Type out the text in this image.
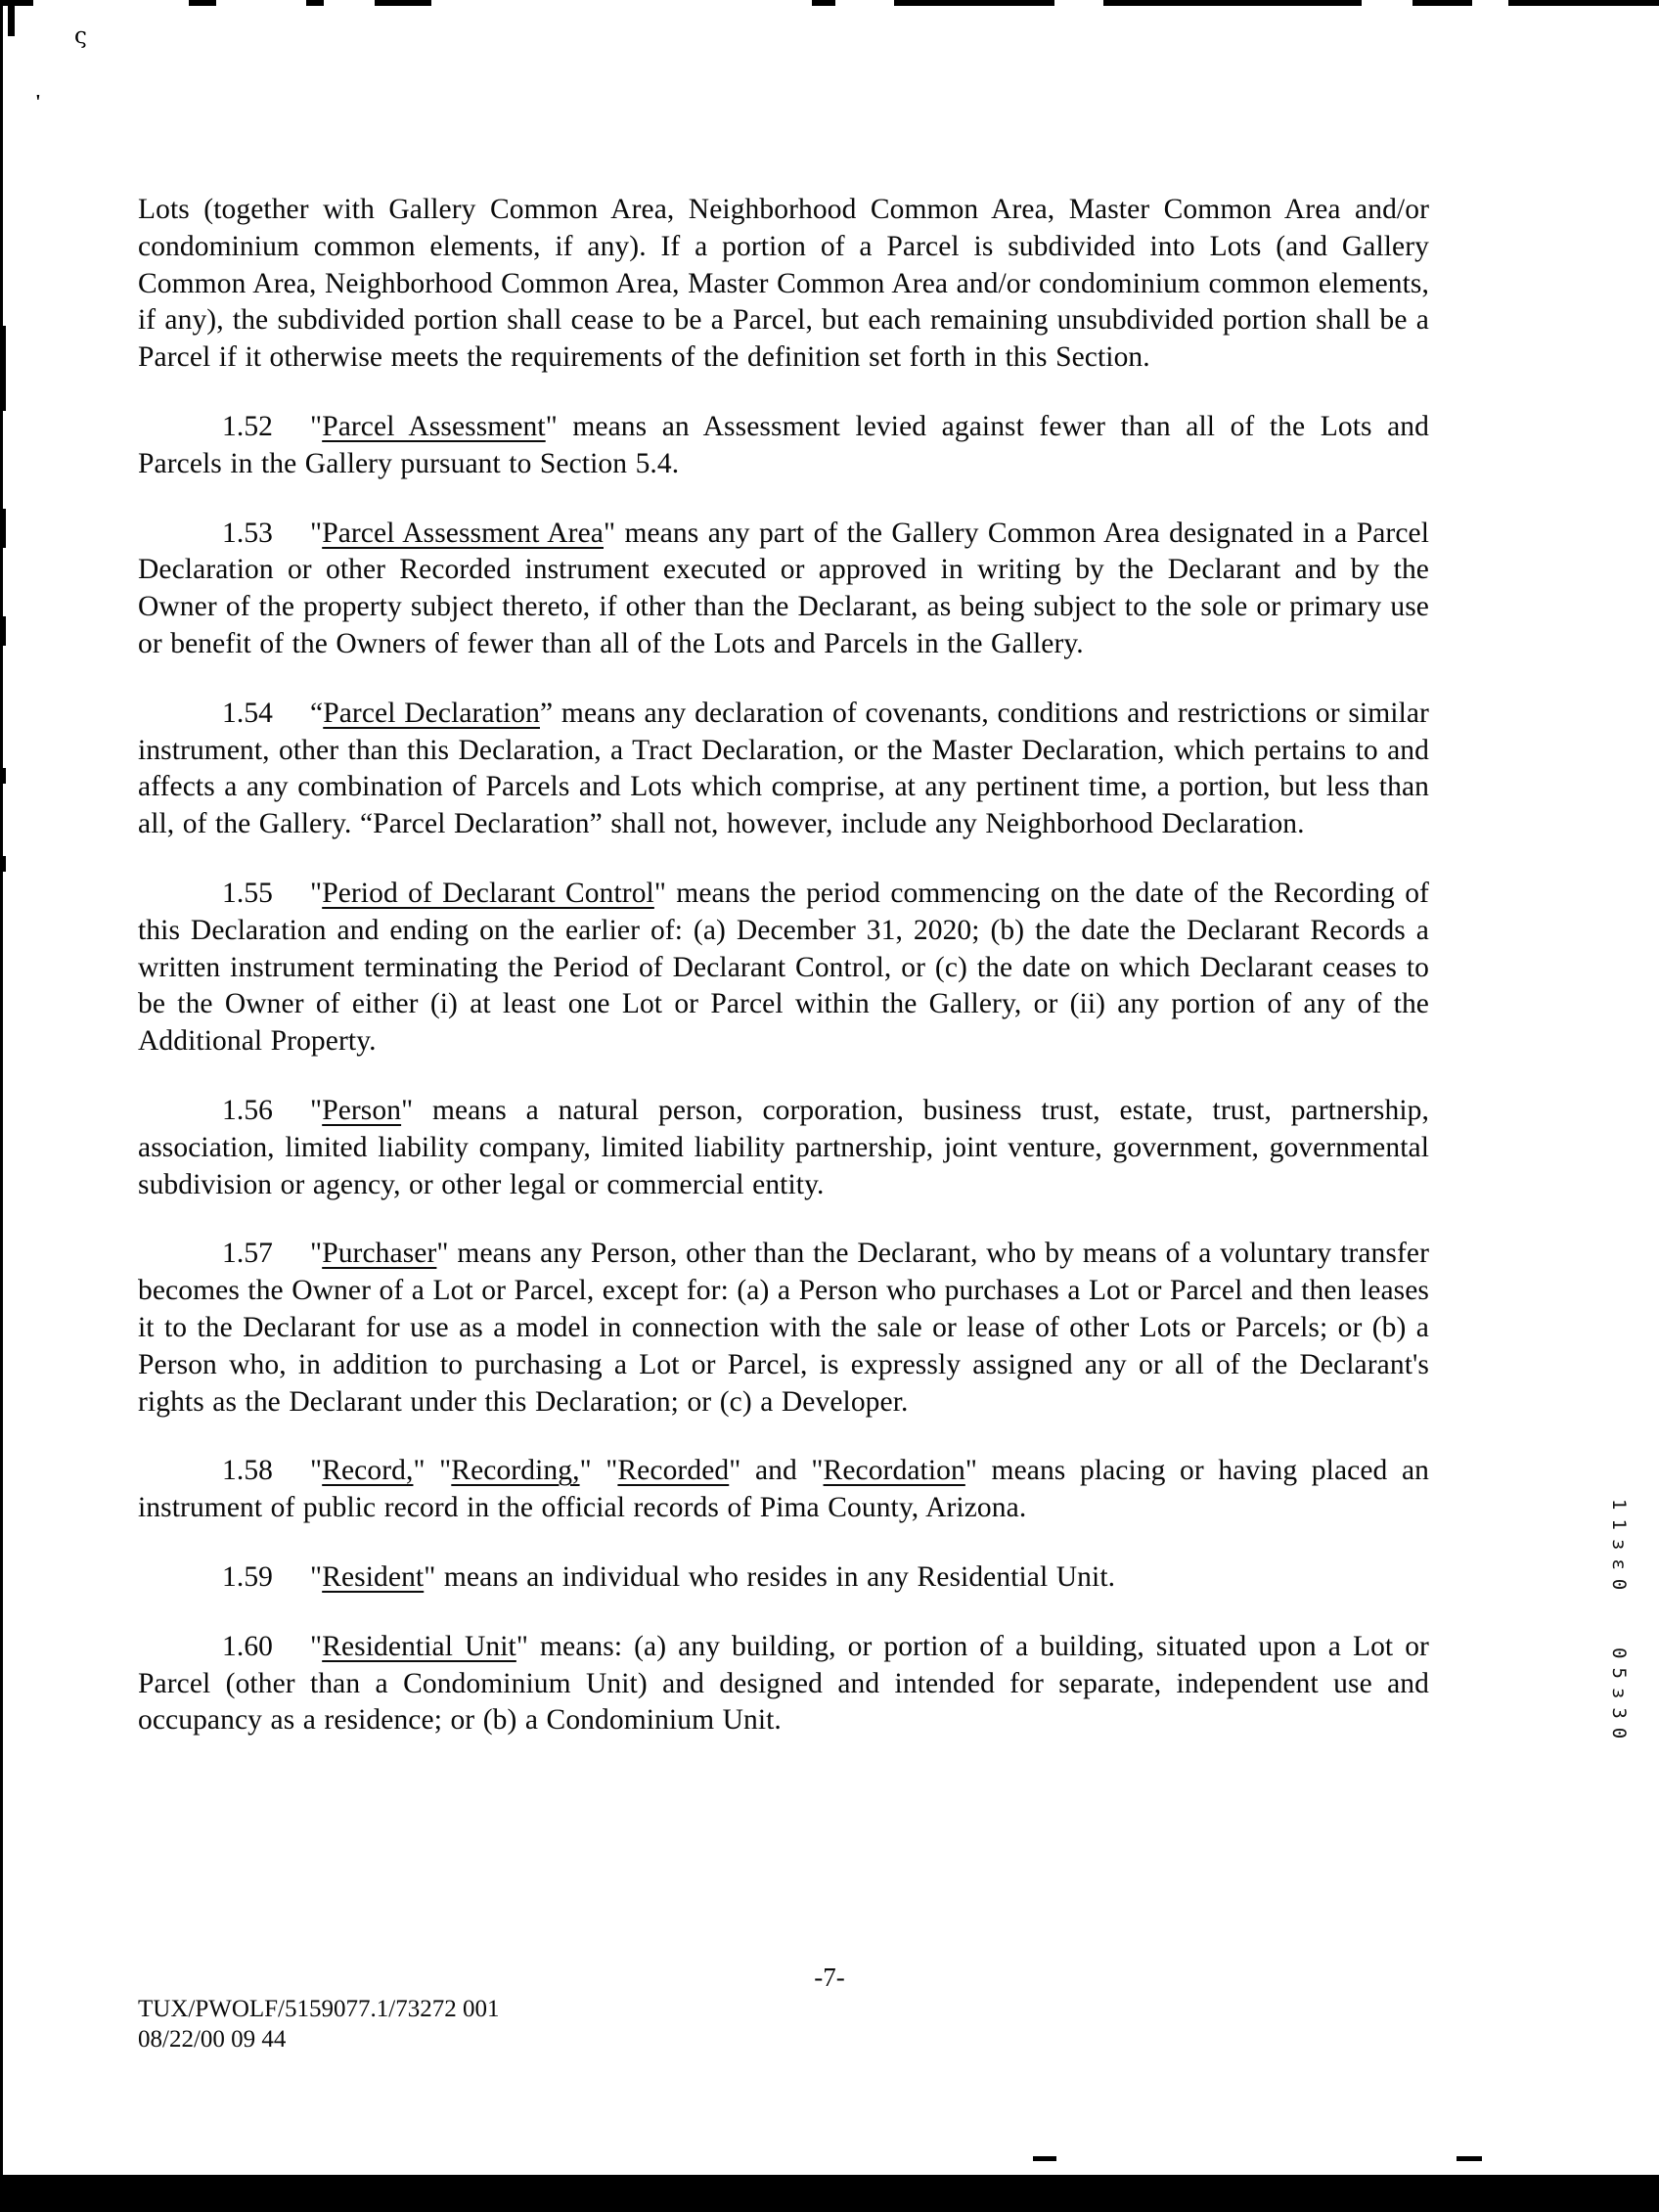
ς
'
11ɜɛ0
05ɜ30

Lots (together with Gallery Common Area, Neighborhood Common Area, Master Common Area and/or condominium common elements, if any). If a portion of a Parcel is subdivided into Lots (and Gallery Common Area, Neighborhood Common Area, Master Common Area and/or condominium common elements, if any), the subdivided portion shall cease to be a Parcel, but each remaining unsubdivided portion shall be a Parcel if it otherwise meets the requirements of the definition set forth in this Section.

1.52 "Parcel Assessment" means an Assessment levied against fewer than all of the Lots and Parcels in the Gallery pursuant to Section 5.4.

1.53 "Parcel Assessment Area" means any part of the Gallery Common Area designated in a Parcel Declaration or other Recorded instrument executed or approved in writing by the Declarant and by the Owner of the property subject thereto, if other than the Declarant, as being subject to the sole or primary use or benefit of the Owners of fewer than all of the Lots and Parcels in the Gallery.

1.54 “Parcel Declaration” means any declaration of covenants, conditions and restrictions or similar instrument, other than this Declaration, a Tract Declaration, or the Master Declaration, which pertains to and affects a any combination of Parcels and Lots which comprise, at any pertinent time, a portion, but less than all, of the Gallery. “Parcel Declaration” shall not, however, include any Neighborhood Declaration.

1.55 "Period of Declarant Control" means the period commencing on the date of the Recording of this Declaration and ending on the earlier of: (a) December 31, 2020; (b) the date the Declarant Records a written instrument terminating the Period of Declarant Control, or (c) the date on which Declarant ceases to be the Owner of either (i) at least one Lot or Parcel within the Gallery, or (ii) any portion of any of the Additional Property.

1.56 "Person" means a natural person, corporation, business trust, estate, trust, partnership, association, limited liability company, limited liability partnership, joint venture, government, governmental subdivision or agency, or other legal or commercial entity.

1.57 "Purchaser" means any Person, other than the Declarant, who by means of a voluntary transfer becomes the Owner of a Lot or Parcel, except for: (a) a Person who purchases a Lot or Parcel and then leases it to the Declarant for use as a model in connection with the sale or lease of other Lots or Parcels; or (b) a Person who, in addition to purchasing a Lot or Parcel, is expressly assigned any or all of the Declarant's rights as the Declarant under this Declaration; or (c) a Developer.

1.58 "Record," "Recording," "Recorded" and "Recordation" means placing or having placed an instrument of public record in the official records of Pima County, Arizona.

1.59 "Resident" means an individual who resides in any Residential Unit.

1.60 "Residential Unit" means: (a) any building, or portion of a building, situated upon a Lot or Parcel (other than a Condominium Unit) and designed and intended for separate, independent use and occupancy as a residence; or (b) a Condominium Unit.

-7-
TUX/PWOLF/5159077.1/73272 001
08/22/00 09 44
